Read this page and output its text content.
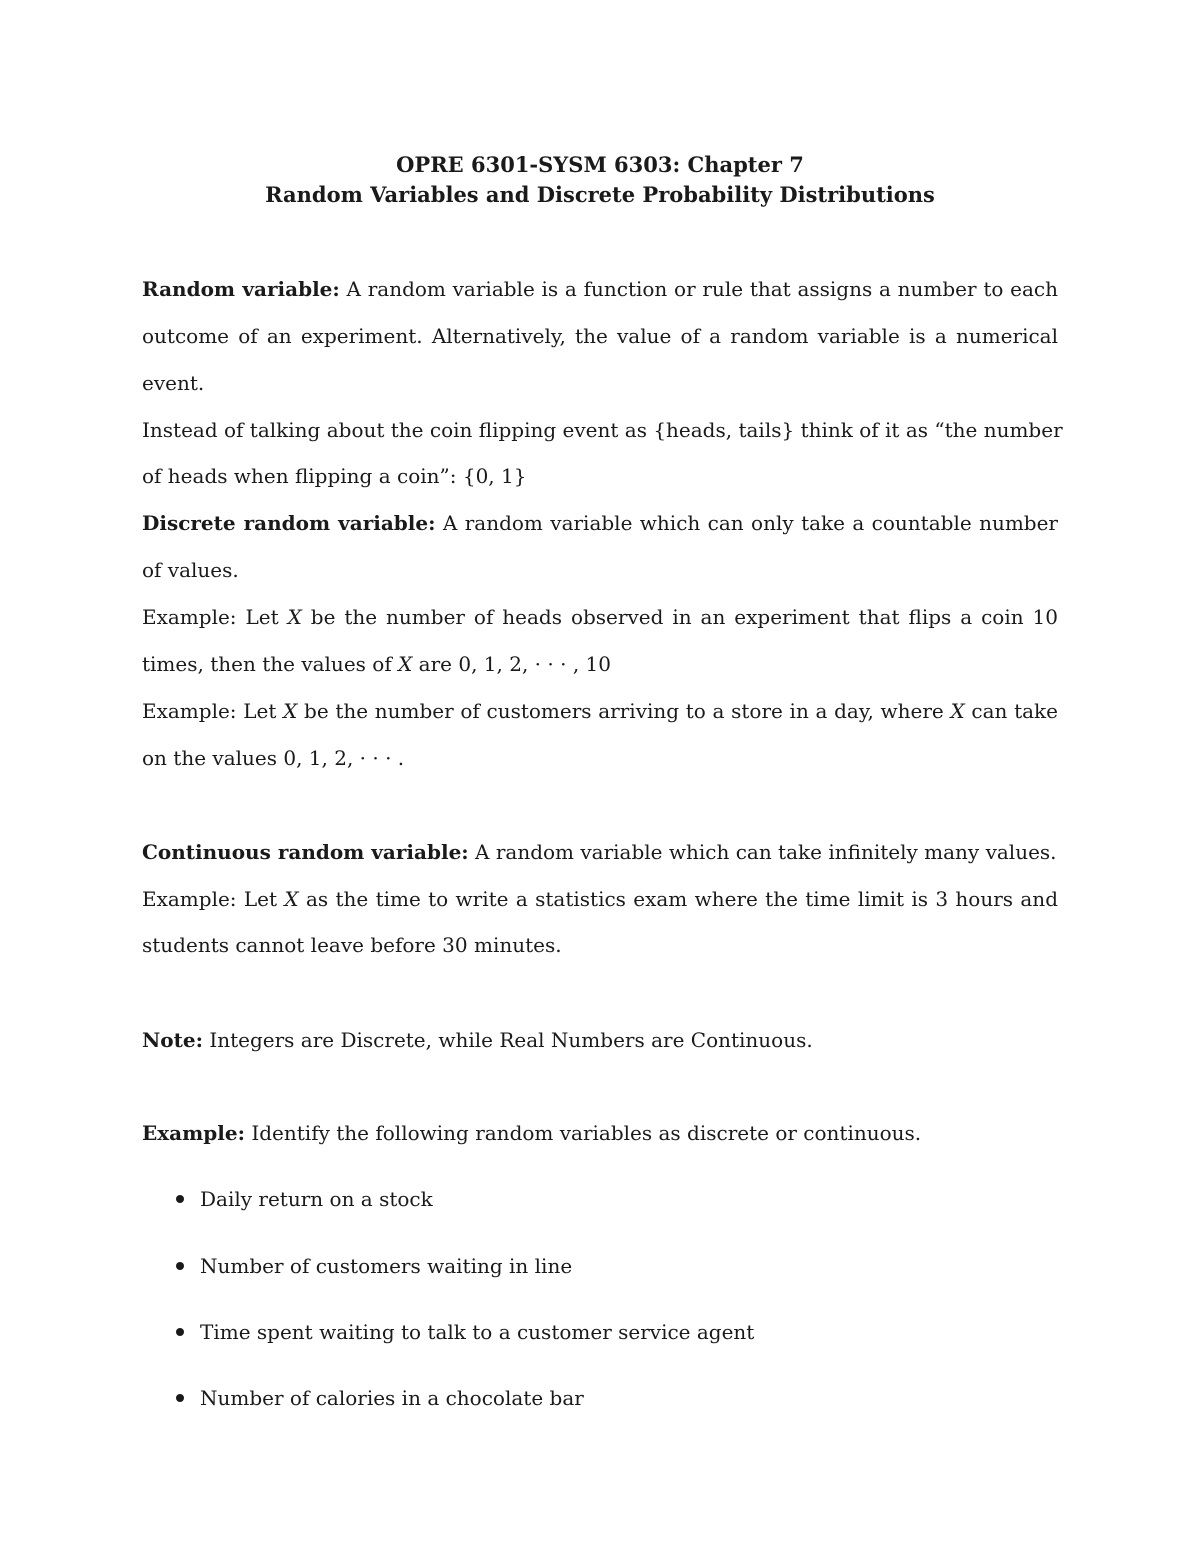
OPRE 6301-SYSM 6303: Chapter 7
Random Variables and Discrete Probability Distributions
Random variable: A random variable is a function or rule that assigns a number to each
outcome of an experiment. Alternatively, the value of a random variable is a numerical
event.
Instead of talking about the coin flipping event as {heads, tails} think of it as “the number
of heads when flipping a coin”: {0, 1}
Discrete random variable: A random variable which can only take a countable number
of values.
Example: Let X be the number of heads observed in an experiment that flips a coin 10
times, then the values of X are 0, 1, 2, · · · , 10
Example: Let X be the number of customers arriving to a store in a day, where X can take
on the values 0, 1, 2, · · · .
Continuous random variable: A random variable which can take infinitely many values.
Example: Let X as the time to write a statistics exam where the time limit is 3 hours and
students cannot leave before 30 minutes.
Note: Integers are Discrete, while Real Numbers are Continuous.
Example: Identify the following random variables as discrete or continuous.
Daily return on a stock
Number of customers waiting in line
Time spent waiting to talk to a customer service agent
Number of calories in a chocolate bar
